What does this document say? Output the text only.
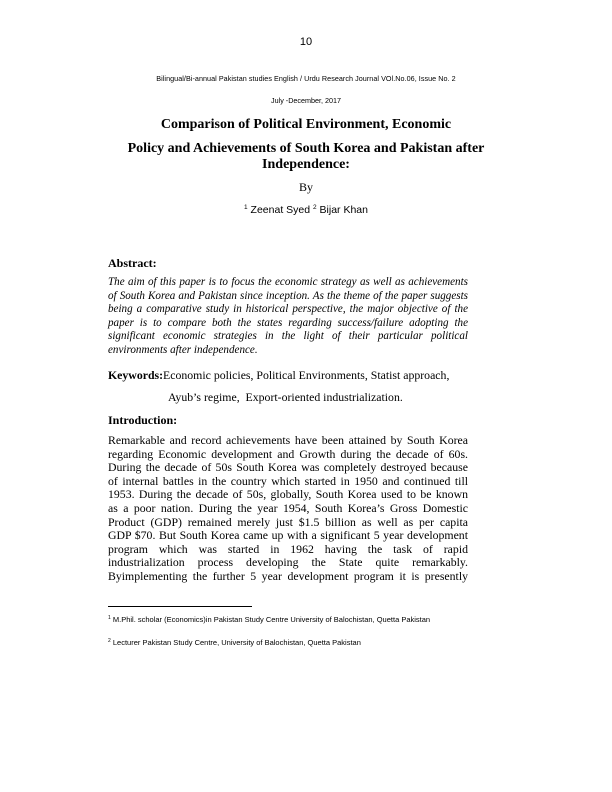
10
Bilingual/Bi-annual Pakistan studies English / Urdu Research Journal VOl.No.06, Issue No. 2
July -December, 2017
Comparison of Political Environment, Economic
Policy and Achievements of South Korea and Pakistan after
Independence:
By
$^1$ Zeenat Syed $^2$ Bijar Khan
Abstract:
The aim of this paper is to focus the economic strategy as well as achievements of South Korea and Pakistan since inception. As the theme of the paper suggests being a comparative study in historical perspective, the major objective of the paper is to compare both the states regarding success/failure adopting the significant economic strategies in the light of their particular political environments after independence.
Keywords:Economic policies, Political Environments, Statist approach,
Ayub’s regime,  Export-oriented industrialization.
Introduction:
Remarkable and record achievements have been attained by South Korea
regarding Economic development and Growth during the decade of 60s.
During the decade of 50s South Korea was completely destroyed because
of internal battles in the country which started in 1950 and continued till
1953. During the decade of 50s, globally, South Korea used to be known
as a poor nation. During the year 1954, South Korea’s Gross Domestic
Product (GDP) remained merely just $1.5 billion as well as per capita
GDP $70. But South Korea came up with a significant 5 year development
program which was started in 1962 having the task of rapid
industrialization process developing the State quite remarkably.
Byimplementing the further 5 year development program it is presently
$^1$ M.Phil. scholar (Economics)in Pakistan Study Centre University of Balochistan, Quetta Pakistan
$^2$ Lecturer Pakistan Study Centre, University of Balochistan, Quetta Pakistan
